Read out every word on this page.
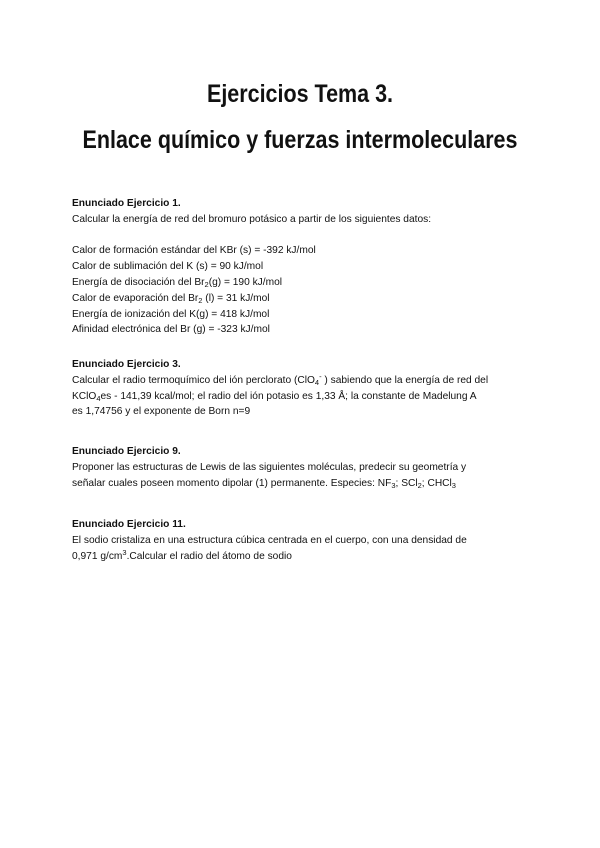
Ejercicios Tema 3.
Enlace químico y fuerzas intermoleculares

Enunciado Ejercicio 1.

Calcular la energía de red del bromuro potásico a partir de los siguientes datos:

Calor de formación estándar del KBr (s) = -392 kJ/mol

Calor de sublimación del K (s) = 90 kJ/mol

Energía de disociación del $Br_2(g) = 190$ kJ/mol

Calor de evaporación del $Br_2$ (l) = 31 kJ/mol

Energía de ionización del K(g) = 418 kJ/mol

Afinidad electrónica del Br (g) = -323 kJ/mol

Enunciado Ejercicio 3.

Calcular el radio termoquímico del ión perclorato (ClO$_4$- ) sabiendo que la energía de red del

KClO$_4$es - 141,39 kcal/mol; el radio del ión potasio es 1,33 Å; la constante de Madelung A

es 1,74756 y el exponente de Born n=9

Enunciado Ejercicio 9.

Proponer las estructuras de Lewis de las siguientes moléculas, predecir su geometría y

señalar cuales poseen momento dipolar (1) permanente. Especies: $NF_3$; SCl$_2$; CHCl$_3$

Enunciado Ejercicio 11.

El sodio cristaliza en una estructura cúbica centrada en el cuerpo, con una densidad de

0,971 $g/cm^3.Calcular$ el radio del átomo de sodio
